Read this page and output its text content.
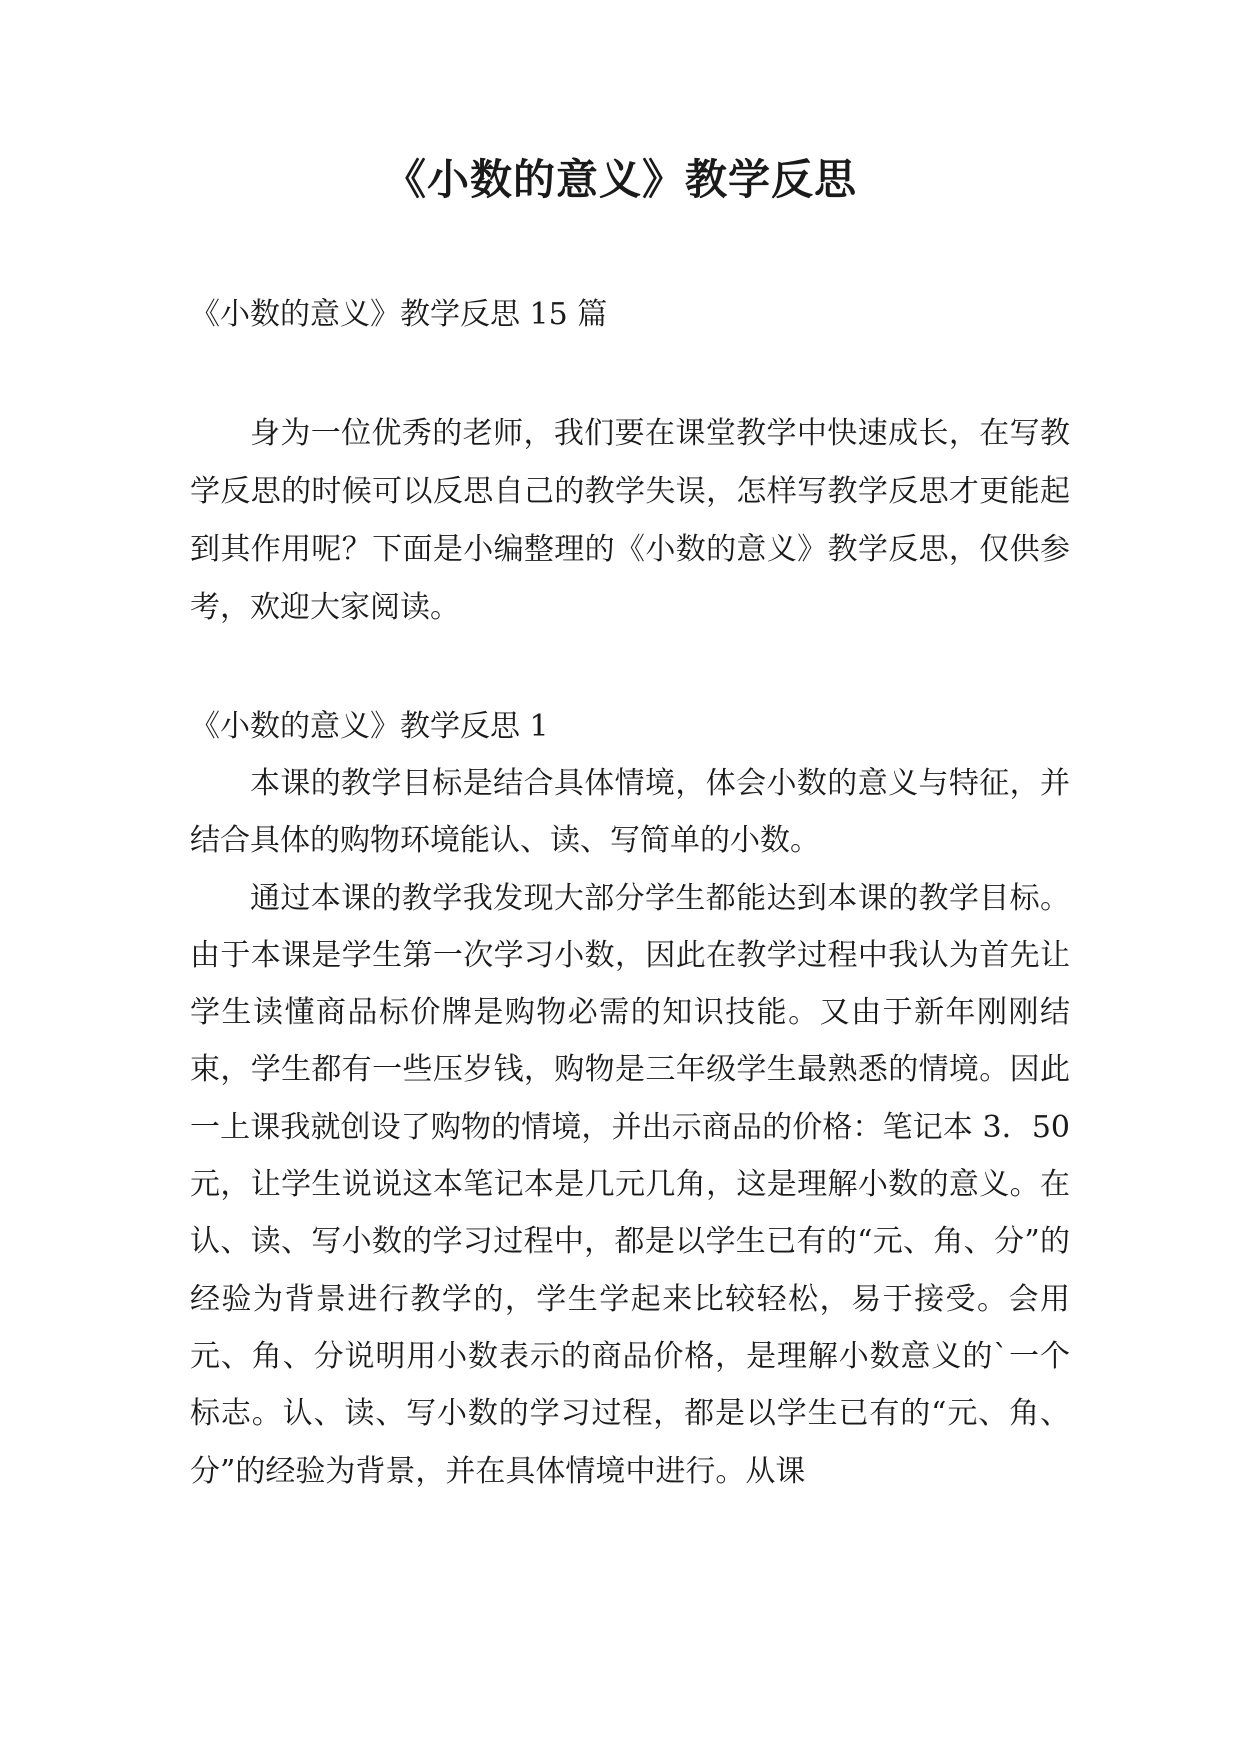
《小数的意义》教学反思

《小数的意义》教学反思 15 篇

身为一位优秀的老师，我们要在课堂教学中快速成长，在写教学反思的时候可以反思自己的教学失误，怎样写教学反思才更能起到其作用呢？下面是小编整理的《小数的意义》教学反思，仅供参考，欢迎大家阅读。

《小数的意义》教学反思 1

本课的教学目标是结合具体情境，体会小数的意义与特征，并结合具体的购物环境能认、读、写简单的小数。

通过本课的教学我发现大部分学生都能达到本课的教学目标。由于本课是学生第一次学习小数，因此在教学过程中我认为首先让学生读懂商品标价牌是购物必需的知识技能。又由于新年刚刚结束，学生都有一些压岁钱，购物是三年级学生最熟悉的情境。因此一上课我就创设了购物的情境，并出示商品的价格：笔记本 3．50 元，让学生说说这本笔记本是几元几角，这是理解小数的意义。在认、读、写小数的学习过程中，都是以学生已有的“元、角、分”的经验为背景进行教学的，学生学起来比较轻松，易于接受。会用元、角、分说明用小数表示的商品价格，是理解小数意义的`一个标志。认、读、写小数的学习过程，都是以学生已有的“元、角、分”的经验为背景，并在具体情境中进行。从课
